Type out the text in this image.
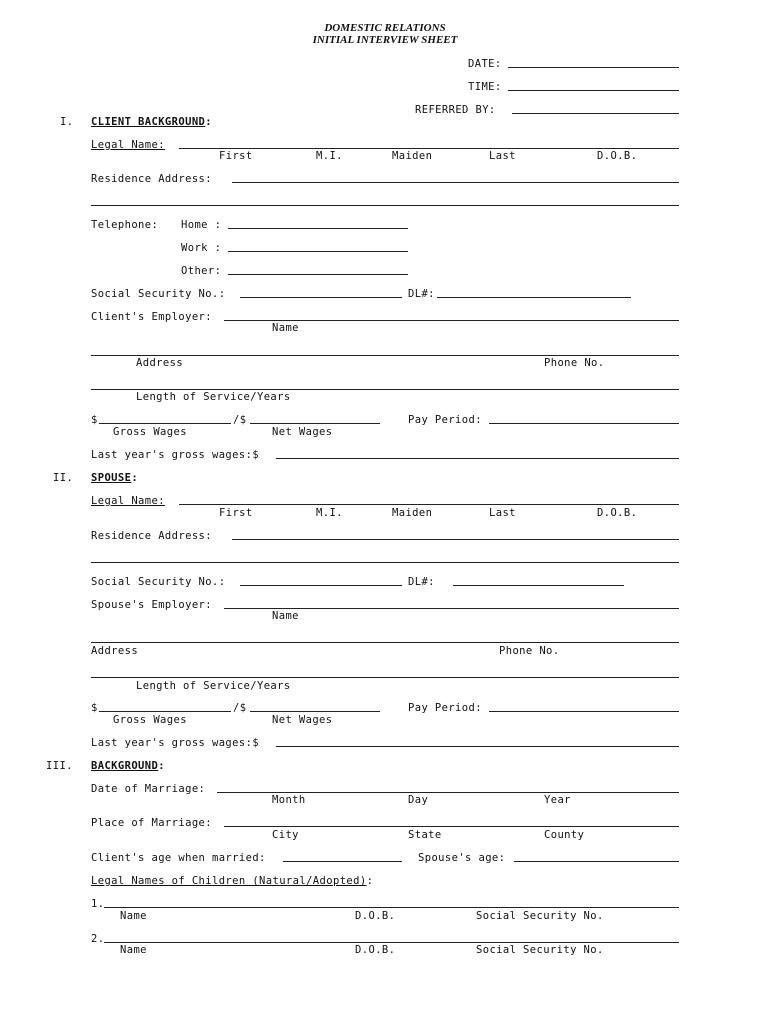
DOMESTIC RELATIONS
INITIAL INTERVIEW SHEET
DATE:
TIME:
REFERRED BY:
I. CLIENT BACKGROUND:
Legal Name:
First	M.I.	Maiden	Last	D.O.B.
Residence Address:
Telephone: Home :
Work :
Other:
Social Security No.:	DL#:
Client's Employer:
Name
Address	Phone No.
Length of Service/Years
$	/$	Pay Period:
Gross Wages	Net Wages
Last year's gross wages:$
II. SPOUSE:
Legal Name:
First	M.I.	Maiden	Last	D.O.B.
Residence Address:
Social Security No.:	DL#:
Spouse's Employer:
Name
Address	Phone No.
Length of Service/Years
$	/$	Pay Period:
Gross Wages	Net Wages
Last year's gross wages:$
III. BACKGROUND:
Date of Marriage:
Month	Day	Year
Place of Marriage:
City	State	County
Client's age when married:	Spouse's age:
Legal Names of Children (Natural/Adopted):
1.
Name	D.O.B.	Social Security No.
2.
Name	D.O.B.	Social Security No.
